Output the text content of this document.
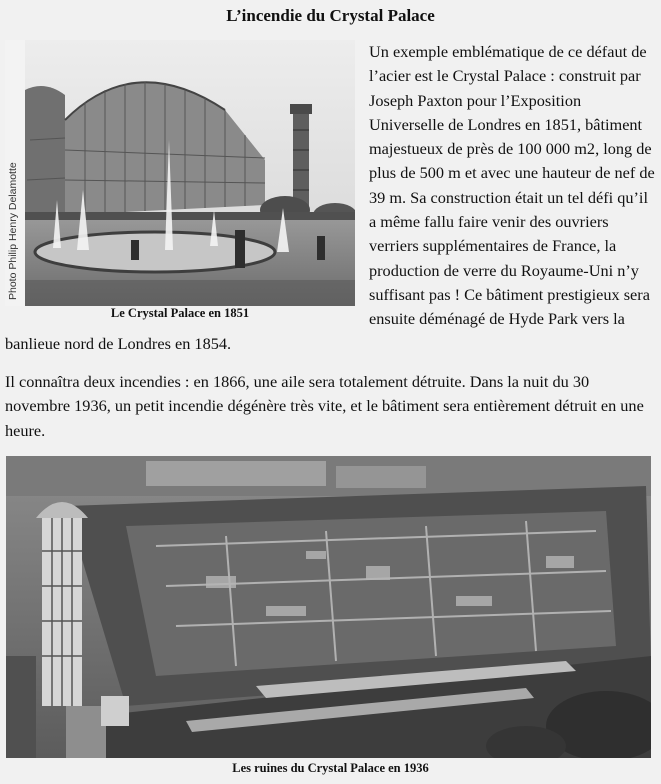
L’incendie du Crystal Palace

Un exemple emblématique de ce défaut de l’acier est le Crystal Palace : construit par Joseph Paxton pour l’Exposition Universelle de Londres en 1851, bâtiment majestueux de près de 100 000 m2, long de plus de 500 m et avec une hauteur de nef de 39 m. Sa construction était un tel défi qu’il a même fallu faire venir des ouvriers verriers supplémentaires de France, la production de verre du Royaume-Uni n’y suffisant pas ! Ce bâtiment prestigieux sera ensuite déménagé de Hyde Park vers la banlieue nord de Londres en 1854.

Photo Philip Henry Delamotte
Le Crystal Palace en 1851

Il connaîtra deux incendies : en 1866, une aile sera totalement détruite. Dans la nuit du 30 novembre 1936, un petit incendie dégénère très vite, et le bâtiment sera entièrement détruit en une heure.

Les ruines du Crystal Palace en 1936
